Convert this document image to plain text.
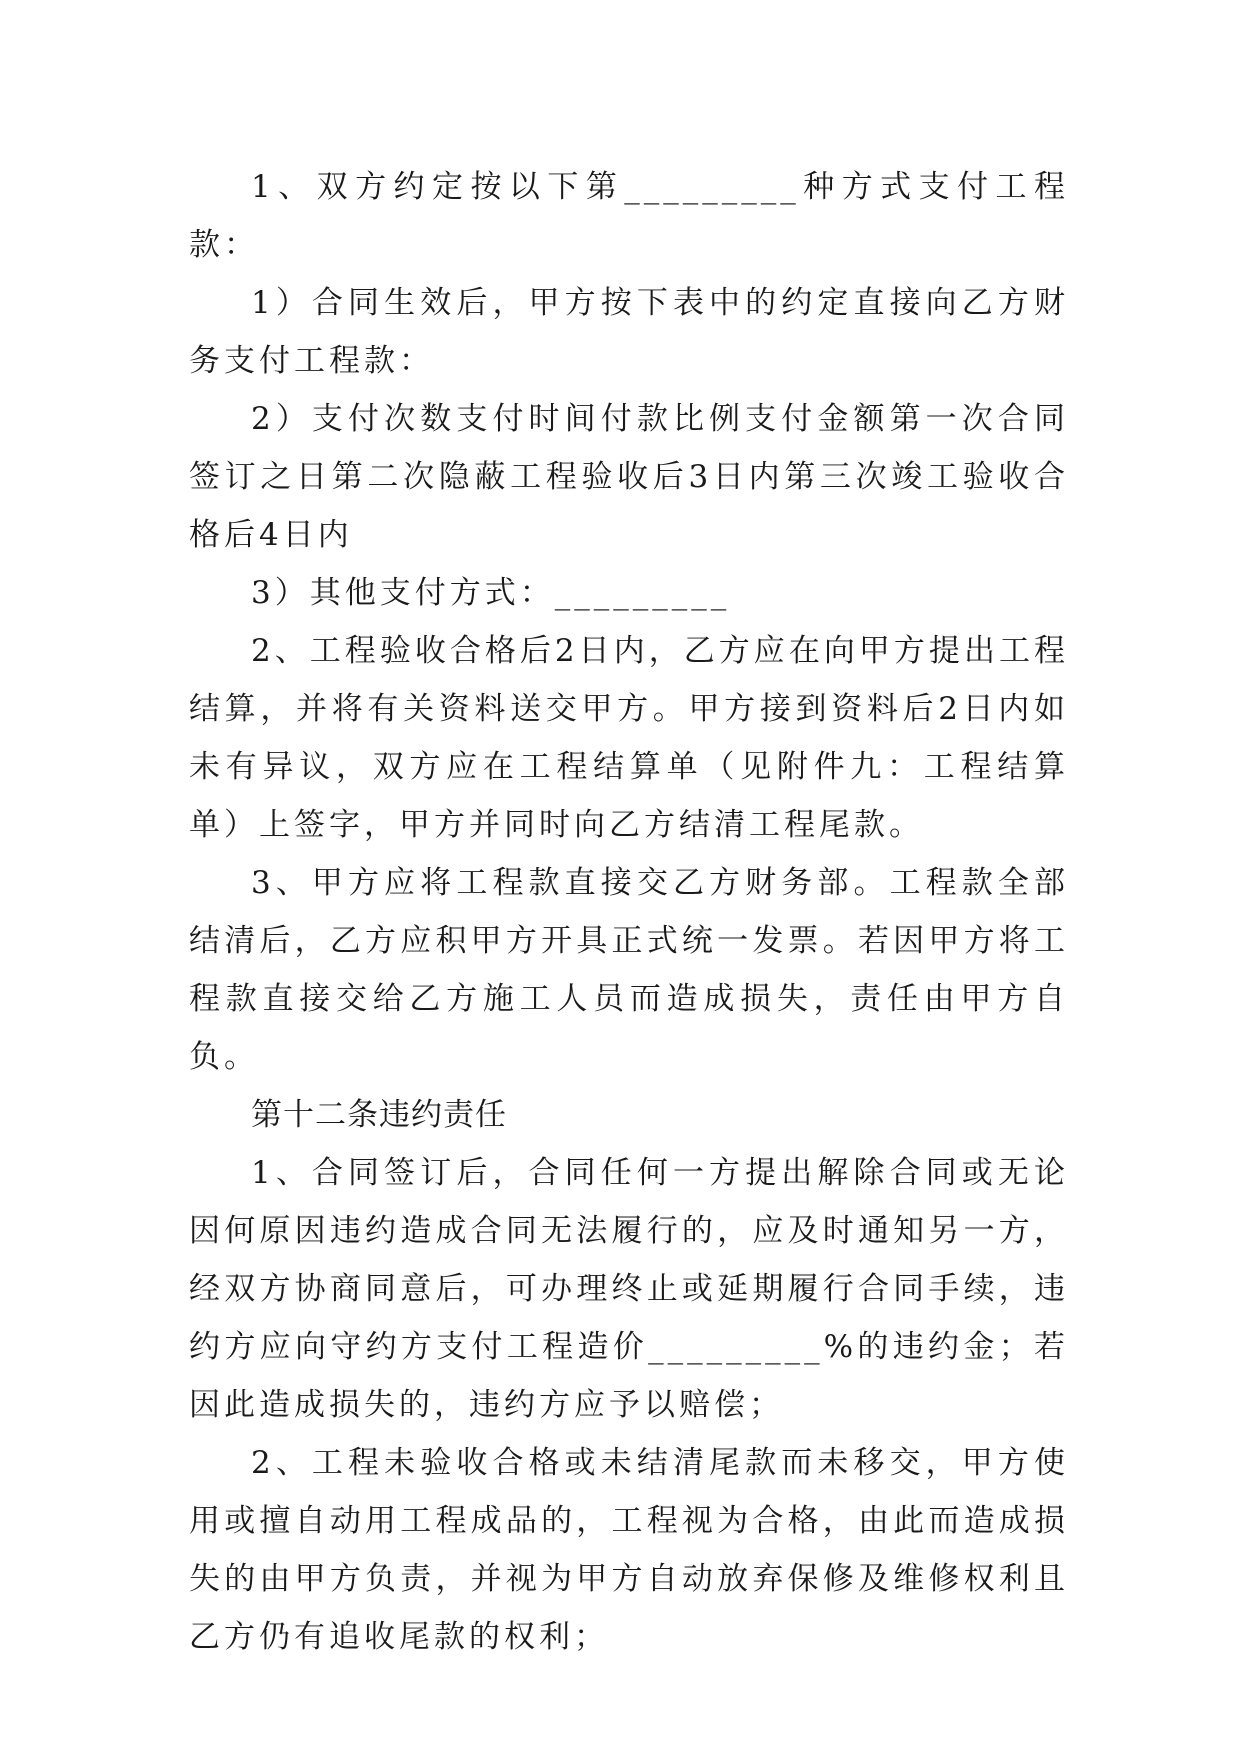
1、双方约定按以下第_________种方式支付工程款：

1）合同生效后，甲方按下表中的约定直接向乙方财务支付工程款：

2）支付次数支付时间付款比例支付金额第一次合同签订之日第二次隐蔽工程验收后3日内第三次竣工验收合格后4日内

3）其他支付方式：_________

2、工程验收合格后2日内，乙方应在向甲方提出工程结算，并将有关资料送交甲方。甲方接到资料后2日内如未有异议，双方应在工程结算单（见附件九：工程结算单）上签字，甲方并同时向乙方结清工程尾款。

3、甲方应将工程款直接交乙方财务部。工程款全部结清后，乙方应积甲方开具正式统一发票。若因甲方将工程款直接交给乙方施工人员而造成损失，责任由甲方自负。

第十二条违约责任

1、合同签订后，合同任何一方提出解除合同或无论因何原因违约造成合同无法履行的，应及时通知另一方，经双方协商同意后，可办理终止或延期履行合同手续，违约方应向守约方支付工程造价_________%的违约金；若因此造成损失的，违约方应予以赔偿；

2、工程未验收合格或未结清尾款而未移交，甲方使用或擅自动用工程成品的，工程视为合格，由此而造成损失的由甲方负责，并视为甲方自动放弃保修及维修权利且乙方仍有追收尾款的权利；
